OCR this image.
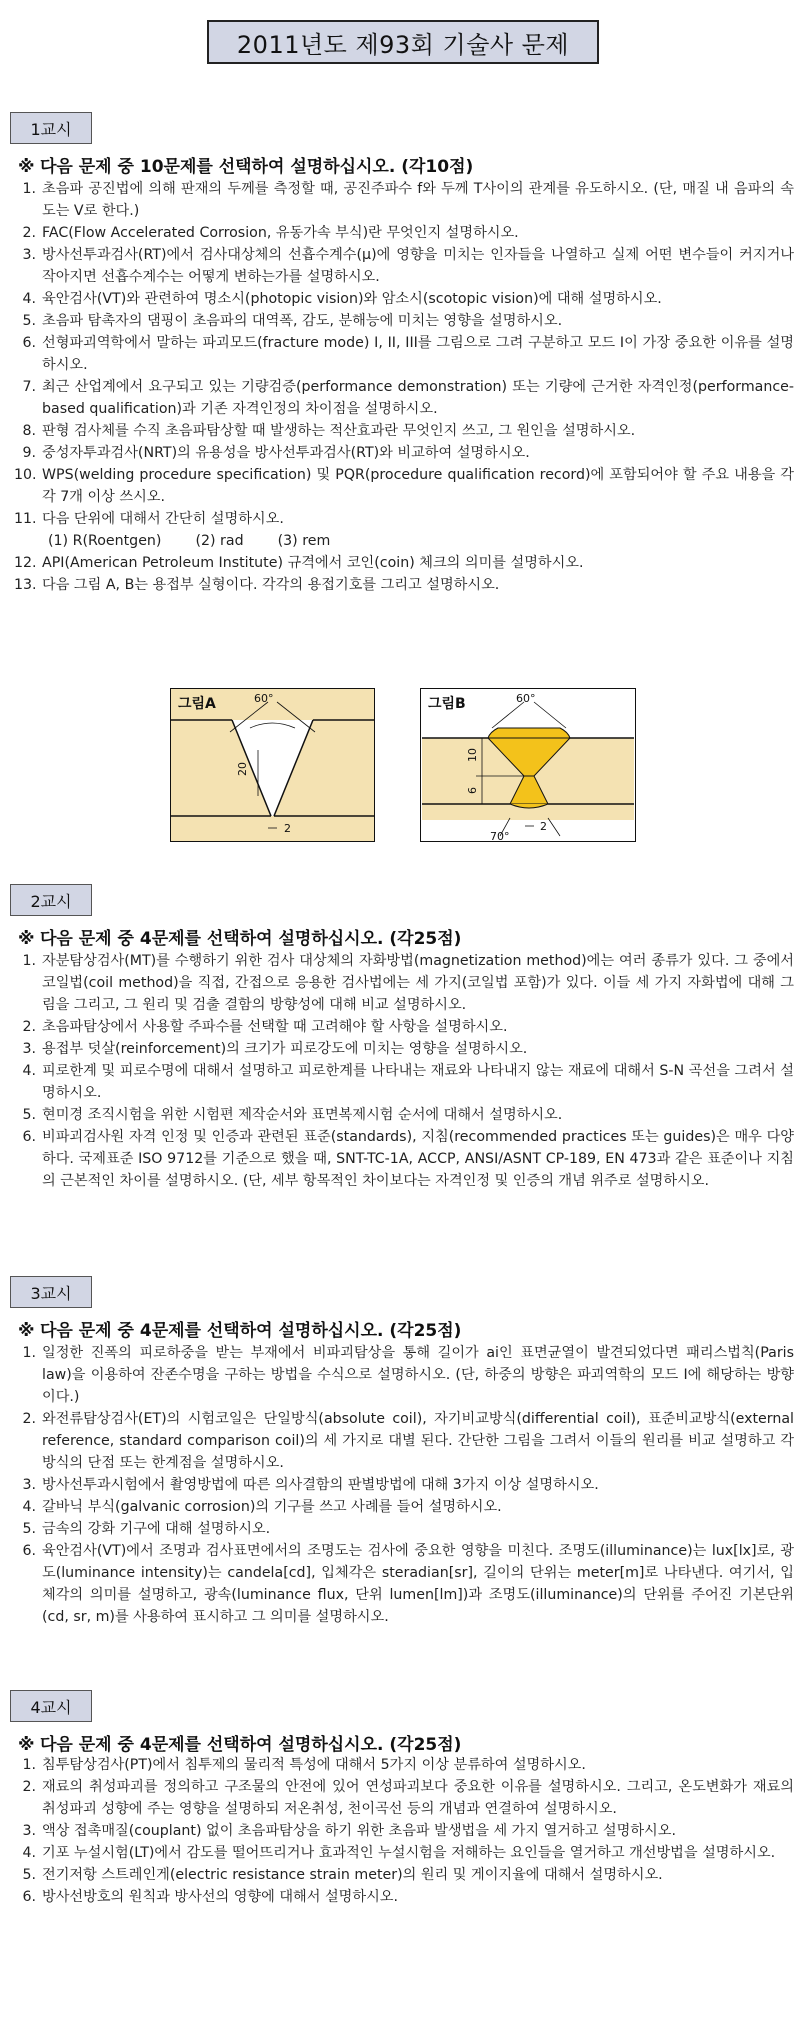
2011년도 제93회 기술사 문제
1교시
※ 다음 문제 중 10문제를 선택하여 설명하십시오. (각10점)
1. 초음파 공진법에 의해 판재의 두께를 측정할 때, 공진주파수 f와 두께 T사이의 관계를 유도하시오. (단, 매질 내 음파의 속도는 V로 한다.)
2. FAC(Flow Accelerated Corrosion, 유동가속 부식)란 무엇인지 설명하시오.
3. 방사선투과검사(RT)에서 검사대상체의 선흡수계수(μ)에 영향을 미치는 인자들을 나열하고 실제 어떤 변수들이 커지거나 작아지면 선흡수계수는 어떻게 변하는가를 설명하시오.
4. 육안검사(VT)와 관련하여 명소시(photopic vision)와 암소시(scotopic vision)에 대해 설명하시오.
5. 초음파 탐촉자의 댐핑이 초음파의 대역폭, 감도, 분해능에 미치는 영향을 설명하시오.
6. 선형파괴역학에서 말하는 파괴모드(fracture mode) I, II, III를 그림으로 그려 구분하고 모드 I이 가장 중요한 이유를 설명하시오.
7. 최근 산업계에서 요구되고 있는 기량검증(performance demonstration) 또는 기량에 근거한 자격인정(performance-based qualification)과 기존 자격인정의 차이점을 설명하시오.
8. 판형 검사체를 수직 초음파탐상할 때 발생하는 적산효과란 무엇인지 쓰고, 그 원인을 설명하시오.
9. 중성자투과검사(NRT)의 유용성을 방사선투과검사(RT)와 비교하여 설명하시오.
10. WPS(welding procedure specification) 및 PQR(procedure qualification record)에 포함되어야 할 주요 내용을 각각 7개 이상 쓰시오.
11. 다음 단위에 대해서 간단히 설명하시오.
(1) R(Roentgen) (2) rad (3) rem
12. API(American Petroleum Institute) 규격에서 코인(coin) 체크의 의미를 설명하시오.
13. 다음 그림 A, B는 용접부 실형이다. 각각의 용접기호를 그리고 설명하시오.
20
2
그림A	60°
10
6
2
그림B	60°
70°
2교시
※ 다음 문제 중 4문제를 선택하여 설명하십시오. (각25점)
1. 자분탐상검사(MT)를 수행하기 위한 검사 대상체의 자화방법(magnetization method)에는 여러 종류가 있다. 그 중에서 코일법(coil method)을 직접, 간접으로 응용한 검사법에는 세 가지(코일법 포함)가 있다. 이들 세 가지 자화법에 대해 그림을 그리고, 그 원리 및 검출 결함의 방향성에 대해 비교 설명하시오.
2. 초음파탐상에서 사용할 주파수를 선택할 때 고려해야 할 사항을 설명하시오.
3. 용접부 덧살(reinforcement)의 크기가 피로강도에 미치는 영향을 설명하시오.
4. 피로한계 및 피로수명에 대해서 설명하고 피로한계를 나타내는 재료와 나타내지 않는 재료에 대해서 S-N 곡선을 그려서 설명하시오.
5. 현미경 조직시험을 위한 시험편 제작순서와 표면복제시험 순서에 대해서 설명하시오.
6. 비파괴검사원 자격 인정 및 인증과 관련된 표준(standards), 지침(recommended practices 또는 guides)은 매우 다양하다. 국제표준 ISO 9712를 기준으로 했을 때, SNT-TC-1A, ACCP, ANSI/ASNT CP-189, EN 473과 같은 표준이나 지침의 근본적인 차이를 설명하시오. (단, 세부 항목적인 차이보다는 자격인정 및 인증의 개념 위주로 설명하시오.
3교시
※ 다음 문제 중 4문제를 선택하여 설명하십시오. (각25점)
1. 일정한 진폭의 피로하중을 받는 부재에서 비파괴탐상을 통해 길이가 ai인 표면균열이 발견되었다면 패리스법칙(Paris law)을 이용하여 잔존수명을 구하는 방법을 수식으로 설명하시오. (단, 하중의 방향은 파괴역학의 모드 I에 해당하는 방향이다.)
2. 와전류탐상검사(ET)의 시험코일은 단일방식(absolute coil), 자기비교방식(differential coil), 표준비교방식(external reference, standard comparison coil)의 세 가지로 대별 된다. 간단한 그림을 그려서 이들의 원리를 비교 설명하고 각 방식의 단점 또는 한계점을 설명하시오.
3. 방사선투과시험에서 촬영방법에 따른 의사결함의 판별방법에 대해 3가지 이상 설명하시오.
4. 갈바닉 부식(galvanic corrosion)의 기구를 쓰고 사례를 들어 설명하시오.
5. 금속의 강화 기구에 대해 설명하시오.
6. 육안검사(VT)에서 조명과 검사표면에서의 조명도는 검사에 중요한 영향을 미친다. 조명도(illuminance)는 lux[lx]로, 광도(luminance intensity)는 candela[cd], 입체각은 steradian[sr], 길이의 단위는 meter[m]로 나타낸다. 여기서, 입체각의 의미를 설명하고, 광속(luminance flux, 단위 lumen[lm])과 조명도(illuminance)의 단위를 주어진 기본단위(cd, sr, m)를 사용하여 표시하고 그 의미를 설명하시오.
4교시
※ 다음 문제 중 4문제를 선택하여 설명하십시오. (각25점)
1. 침투탐상검사(PT)에서 침투제의 물리적 특성에 대해서 5가지 이상 분류하여 설명하시오.
2. 재료의 취성파괴를 정의하고 구조물의 안전에 있어 연성파괴보다 중요한 이유를 설명하시오. 그리고, 온도변화가 재료의 취성파괴 성향에 주는 영향을 설명하되 저온취성, 천이곡선 등의 개념과 연결하여 설명하시오.
3. 액상 접촉매질(couplant) 없이 초음파탐상을 하기 위한 초음파 발생법을 세 가지 열거하고 설명하시오.
4. 기포 누설시험(LT)에서 감도를 떨어뜨리거나 효과적인 누설시험을 저해하는 요인들을 열거하고 개선방법을 설명하시오.
5. 전기저항 스트레인게(electric resistance strain meter)의 원리 및 게이지율에 대해서 설명하시오.
6. 방사선방호의 원칙과 방사선의 영향에 대해서 설명하시오.
